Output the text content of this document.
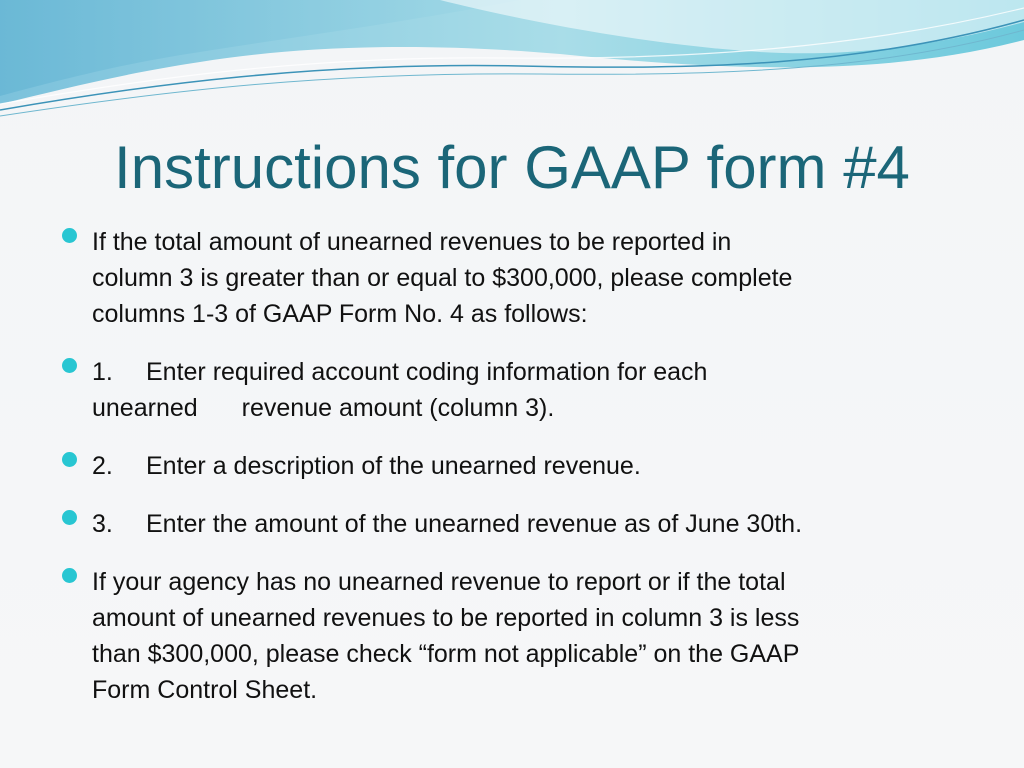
Instructions for GAAP form #4
If the total amount of unearned revenues to be reported in
column 3 is greater than or equal to $300,000, please complete
columns 1-3 of GAAP Form No. 4 as follows:
1. Enter required account coding information for each
unearned revenue amount (column 3).
2. Enter a description of the unearned revenue.
3. Enter the amount of the unearned revenue as of June 30th.
If your agency has no unearned revenue to report or if the total
amount of unearned revenues to be reported in column 3 is less
than $300,000, please check “form not applicable” on the GAAP
Form Control Sheet.
